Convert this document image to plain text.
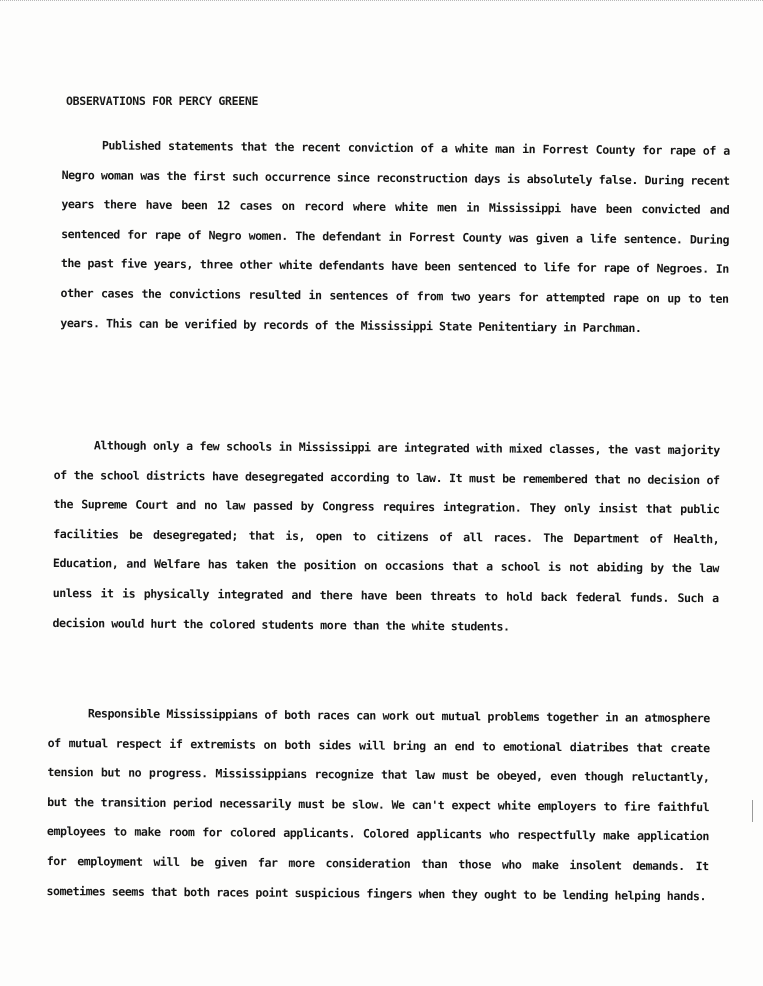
OBSERVATIONS FOR PERCY GREENE

Published statements that the recent conviction of a white man in Forrest County for rape of a Negro woman was the first such occurrence since reconstruction days is absolutely false. During recent years there have been 12 cases on record where white men in Mississippi have been convicted and sentenced for rape of Negro women. The defendant in Forrest County was given a life sentence. During the past five years, three other white defendants have been sentenced to life for rape of Negroes. In other cases the convictions resulted in sentences of from two years for attempted rape on up to ten years. This can be verified by records of the Mississippi State Penitentiary in Parchman.

Although only a few schools in Mississippi are integrated with mixed classes, the vast majority of the school districts have desegregated according to law. It must be remembered that no decision of the Supreme Court and no law passed by Congress requires integration. They only insist that public facilities be desegregated; that is, open to citizens of all races. The Department of Health, Education, and Welfare has taken the position on occasions that a school is not abiding by the law unless it is physically integrated and there have been threats to hold back federal funds. Such a decision would hurt the colored students more than the white students.

Responsible Mississippians of both races can work out mutual problems together in an atmosphere of mutual respect if extremists on both sides will bring an end to emotional diatribes that create tension but no progress. Mississippians recognize that law must be obeyed, even though reluctantly, but the transition period necessarily must be slow. We can't expect white employers to fire faithful employees to make room for colored applicants. Colored applicants who respectfully make application for employment will be given far more consideration than those who make insolent demands. It sometimes seems that both races point suspicious fingers when they ought to be lending helping hands.
